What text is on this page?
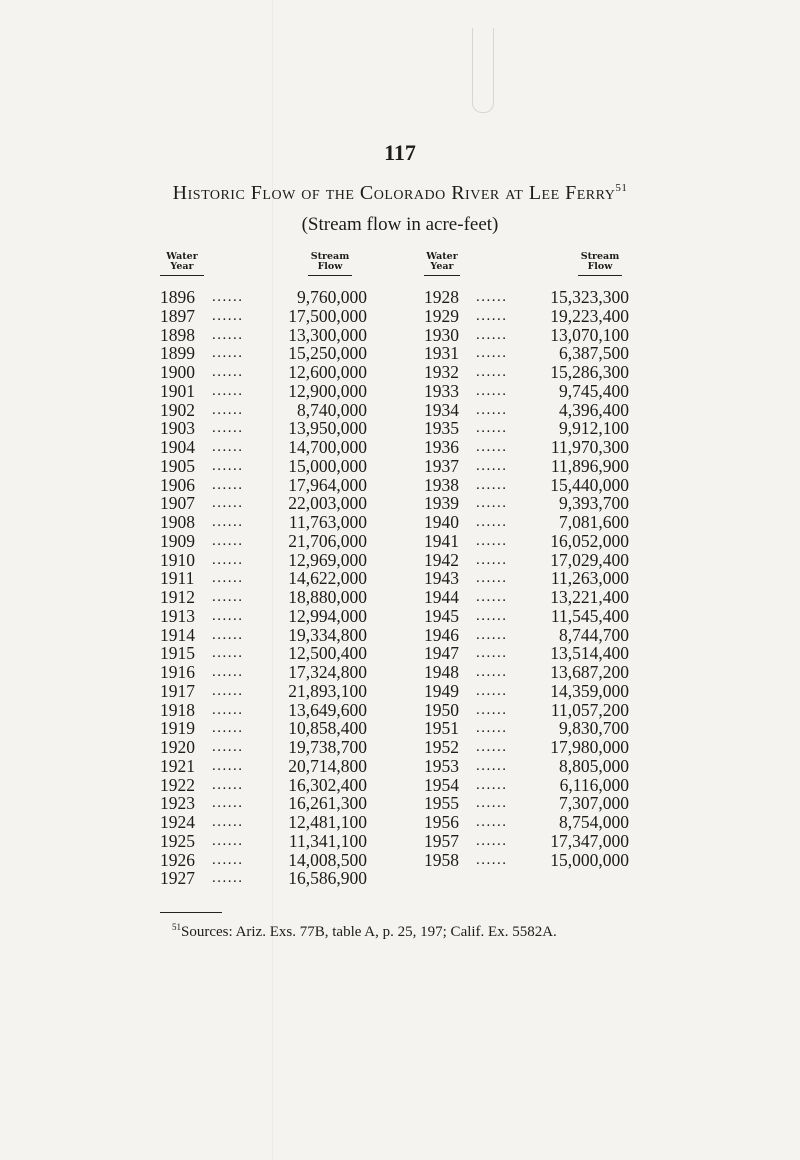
117
Historic Flow of the Colorado River at Lee Ferry$^{51}$
(Stream flow in acre-feet)
Water
Year
Stream
Flow
Water
Year
Stream
Flow
1896 ......	9,760,000
1897 ......	17,500,000
1898 ......	13,300,000
1899 ......	15,250,000
1900 ......	12,600,000
1901 ......	12,900,000
1902 ......	8,740,000
1903 ......	13,950,000
1904 ......	14,700,000
1905 ......	15,000,000
1906 ......	17,964,000
1907 ......	22,003,000
1908 ......	11,763,000
1909 ......	21,706,000
1910 ......	12,969,000
1911 ......	14,622,000
1912 ......	18,880,000
1913 ......	12,994,000
1914 ......	19,334,800
1915 ......	12,500,400
1916 ......	17,324,800
1917 ......	21,893,100
1918 ......	13,649,600
1919 ......	10,858,400
1920 ......	19,738,700
1921 ......	20,714,800
1922 ......	16,302,400
1923 ......	16,261,300
1924 ......	12,481,100
1925 ......	11,341,100
1926 ......	14,008,500
1927 ......	16,586,900
1928 ...... 15,323,300
1929 ...... 19,223,400
1930 ...... 13,070,100
1931 ......	6,387,500
1932 ...... 15,286,300
1933 ......	9,745,400
1934 ......	4,396,400
1935 ......	9,912,100
1936 ...... 11,970,300
1937 ...... 11,896,900
1938 ...... 15,440,000
1939 ......	9,393,700
1940 ......	7,081,600
1941 ...... 16,052,000
1942 ...... 17,029,400
1943 ...... 11,263,000
1944 ...... 13,221,400
1945 ...... 11,545,400
1946 ......	8,744,700
1947 ...... 13,514,400
1948 ...... 13,687,200
1949 ...... 14,359,000
1950 ...... 11,057,200
1951 ......	9,830,700
1952 ...... 17,980,000
1953 ......	8,805,000
1954 ......	6,116,000
1955 ......	7,307,000
1956 ......	8,754,000
1957 ...... 17,347,000
1958 ...... 15,000,000
$^{51}$Sources: Ariz. Exs. 77B, table A, p. 25, 197; Calif. Ex. 5582A.
